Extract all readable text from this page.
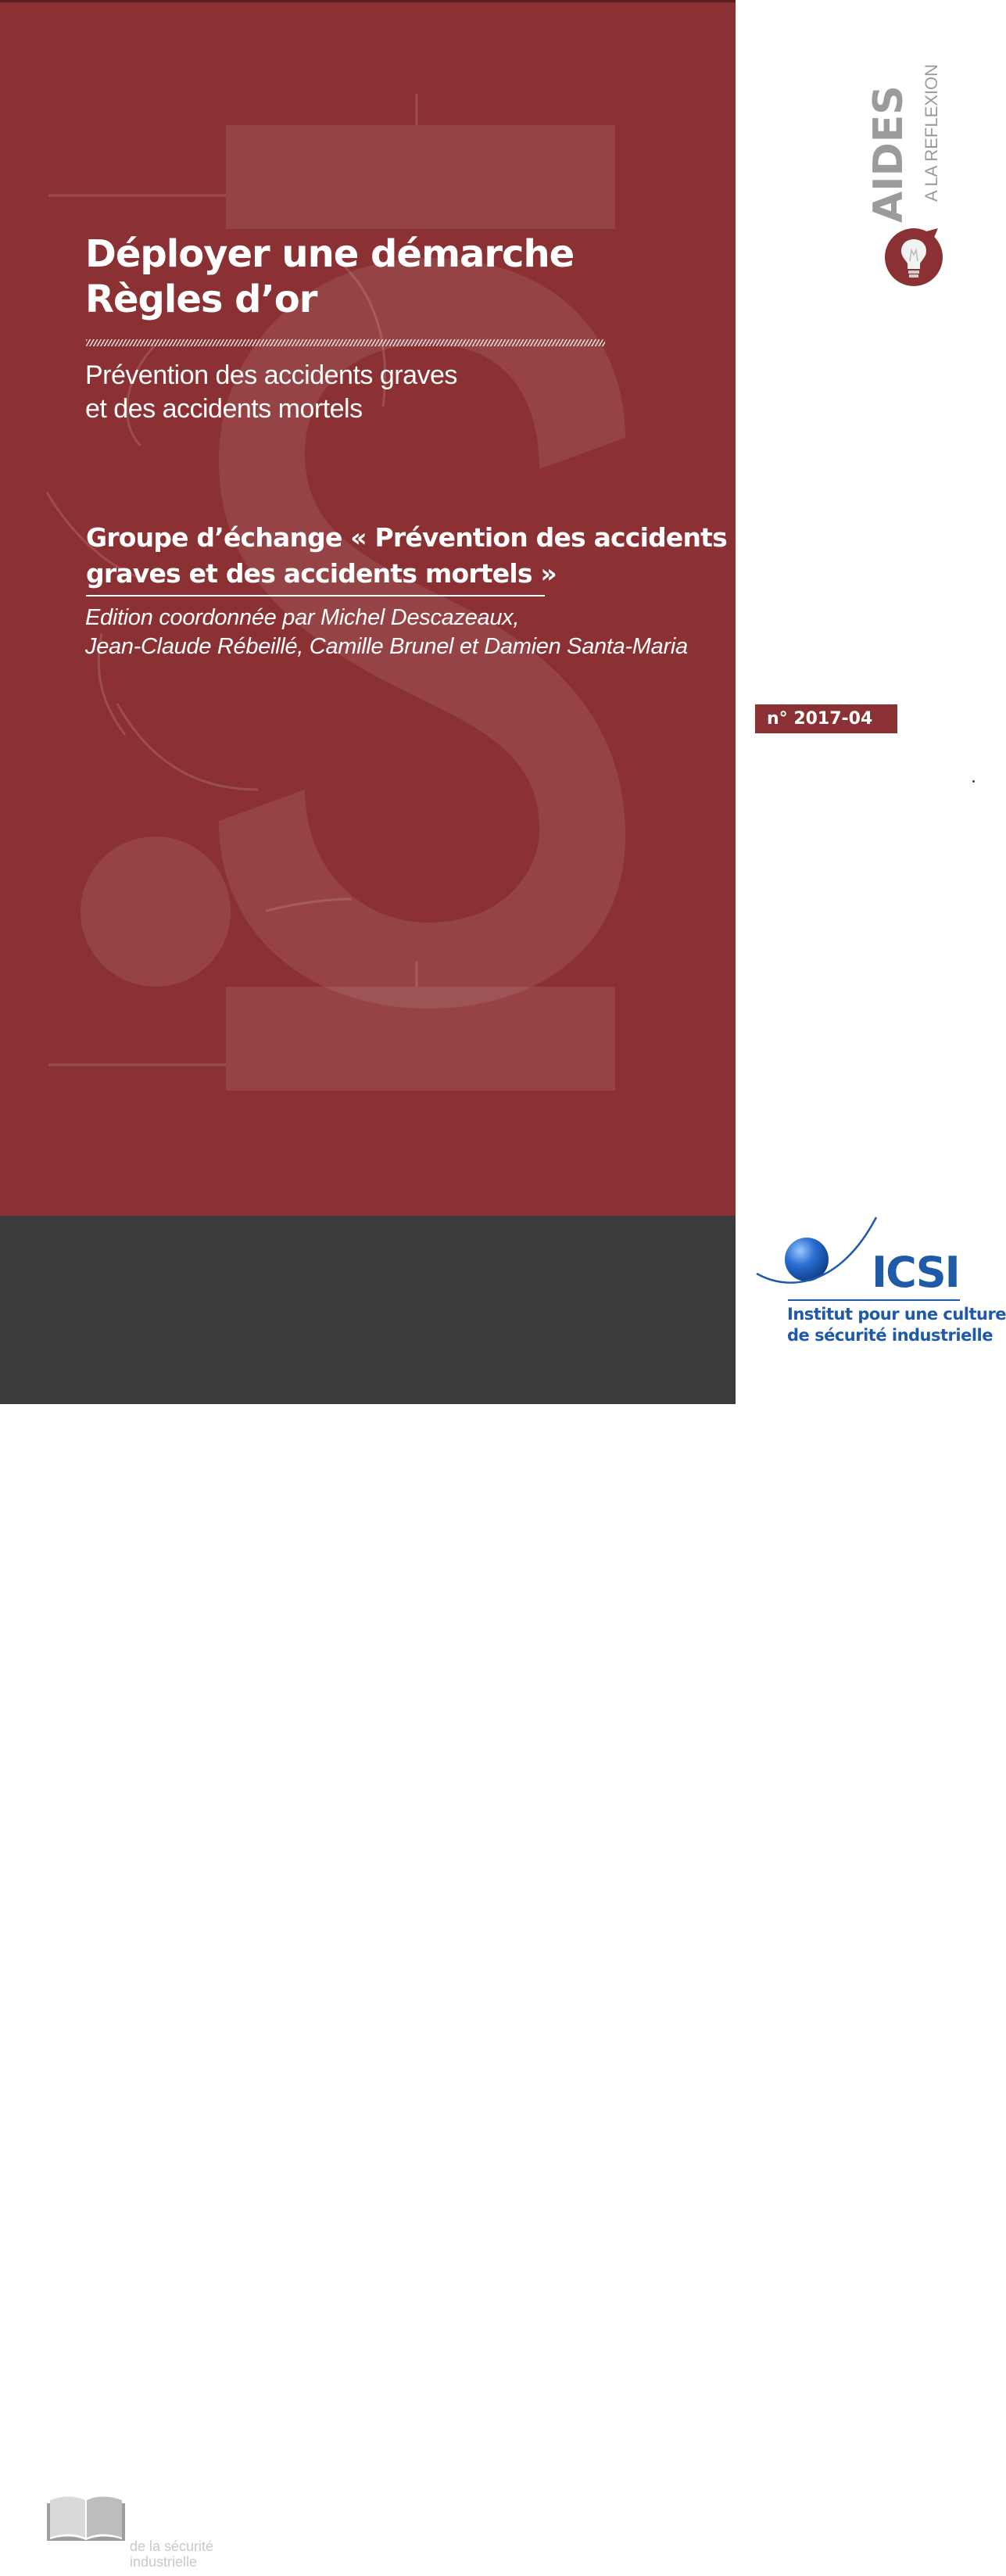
Déployer une démarche
Règles d’or
Prévention des accidents graves
et des accidents mortels
Groupe d’échange « Prévention des accidents
graves et des accidents mortels »
Edition coordonnée par Michel Descazeaux,
Jean-Claude Rébeillé, Camille Brunel et Damien Santa-Maria
Les
Cahiers
de la sécurité
industrielle
AIDES A LA REFLEXION
n° 2017-04
ICSI
Institut pour une culture
de sécurité industrielle
